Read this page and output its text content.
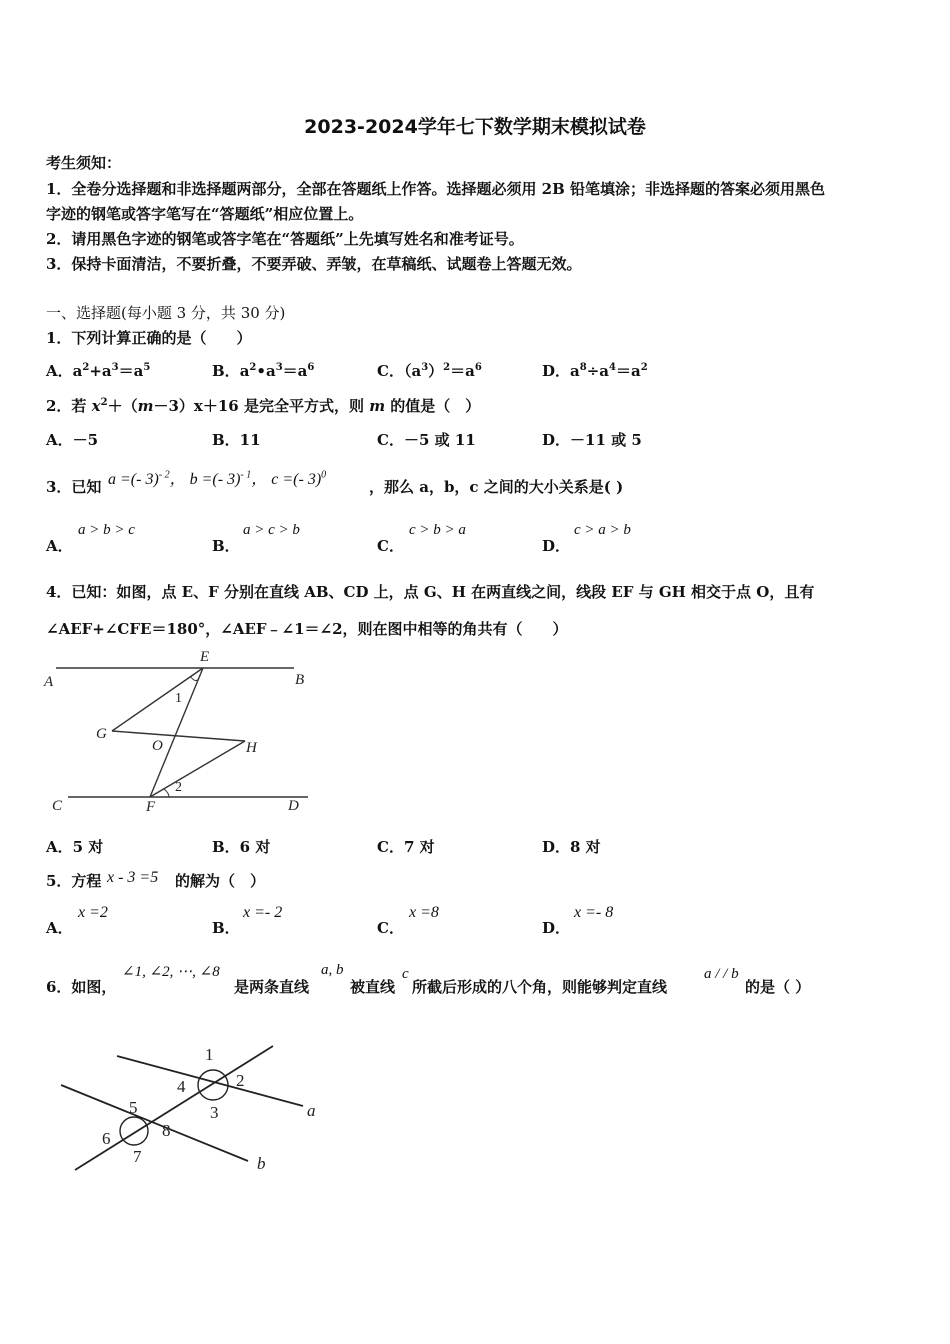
2023-2024学年七下数学期末模拟试卷
考生须知：
1．全卷分选择题和非选择题两部分，全部在答题纸上作答。选择题必须用 2B 铅笔填涂；非选择题的答案必须用黑色
字迹的钢笔或答字笔写在“答题纸”相应位置上。
2．请用黑色字迹的钢笔或答字笔在“答题纸”上先填写姓名和准考证号。
3．保持卡面清洁，不要折叠，不要弄破、弄皱，在草稿纸、试题卷上答题无效。
一、选择题(每小题 3 分，共 30 分)
1．下列计算正确的是（　　）
A．$a^2+a^3=a^5$	B．$a^2•a^3=a^6$	C．$(a^3)^2=a^6$	D．$a^8\div a^4=a^2$
2．若 $x^2+(m-3)x+16$ 是完全平方式，则 m 的值是（　）
A．－5	B．11	C．－5 或 11	D．－11 或 5
3．已知 a =(- 3)$^{- 2}$， b =(- 3)$^{- 1}$， c =(- 3)$^0$
，那么 a，b，c 之间的大小关系是( )
A．
a > b > c
B．
a > c > b
C．
c > b > a
D．
c > a > b
4．已知：如图，点 E、F 分别在直线 AB、CD 上，点 G、H 在两直线之间，线段 EF 与 GH 相交于点 O，且有
∠AEF+∠CFE＝180°，∠AEF﹣∠1＝∠2，则在图中相等的角共有（　　）
A	B
C	D
E
F
G
H
O
1
2
A．5 对	B．6 对	C．7 对	D．8 对
5．方程 x - 3 =5 的解为（　）
A．
x =2
B．
x =- 2
C．
x =8
D．
x =- 8
6．如图，
∠1, ∠2, ⋯, ∠8
是两条直线
a, b
被直线
c
所截后形成的八个角，则能够判定直线
a / / b
的是（ ）
1
2
3
4
5
6
7
8
a
b
